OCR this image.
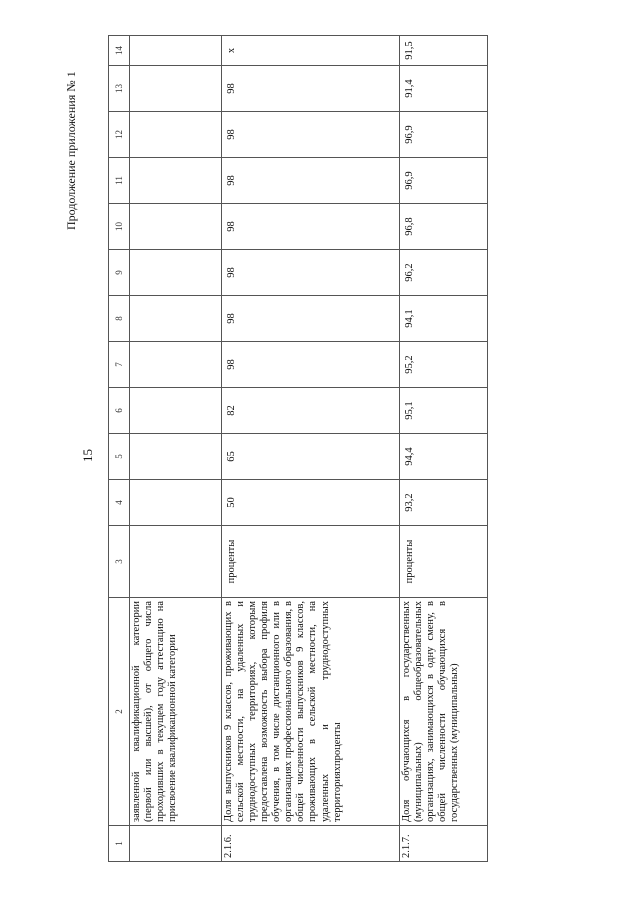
15
Продолжение приложения № 1
1	2	3	4	5	6	7	8	9	10	11	12	13	14
	заявленной квалификационной категории (первой или высшей), от общего числа проходивших в текущем году аттестацию на присвоение квалификационной категории												
2.1.6.	Доля выпускников 9 классов, проживающих в сельской местности, на удаленных и труднодоступных территориях, которым предоставлена возможность выбора профиля обучения, в том числе дистанционного или в организациях профессионального образования, в общей численности выпускников 9 классов, проживающих в сельской местности, на удаленных и труднодоступных территорияхпроценты	проценты	50	65	82	98	98	98	98	98	98	98	x
2.1.7.	Доля обучающихся в государственных (муниципальных) общеобразовательных организациях, занимающихся в одну смену, в общей численности обучающихся в государственных (муниципальных)	проценты	93,2	94,4	95,1	95,2	94,1	96,2	96,8	96,9	96,9	91,4	91,5
